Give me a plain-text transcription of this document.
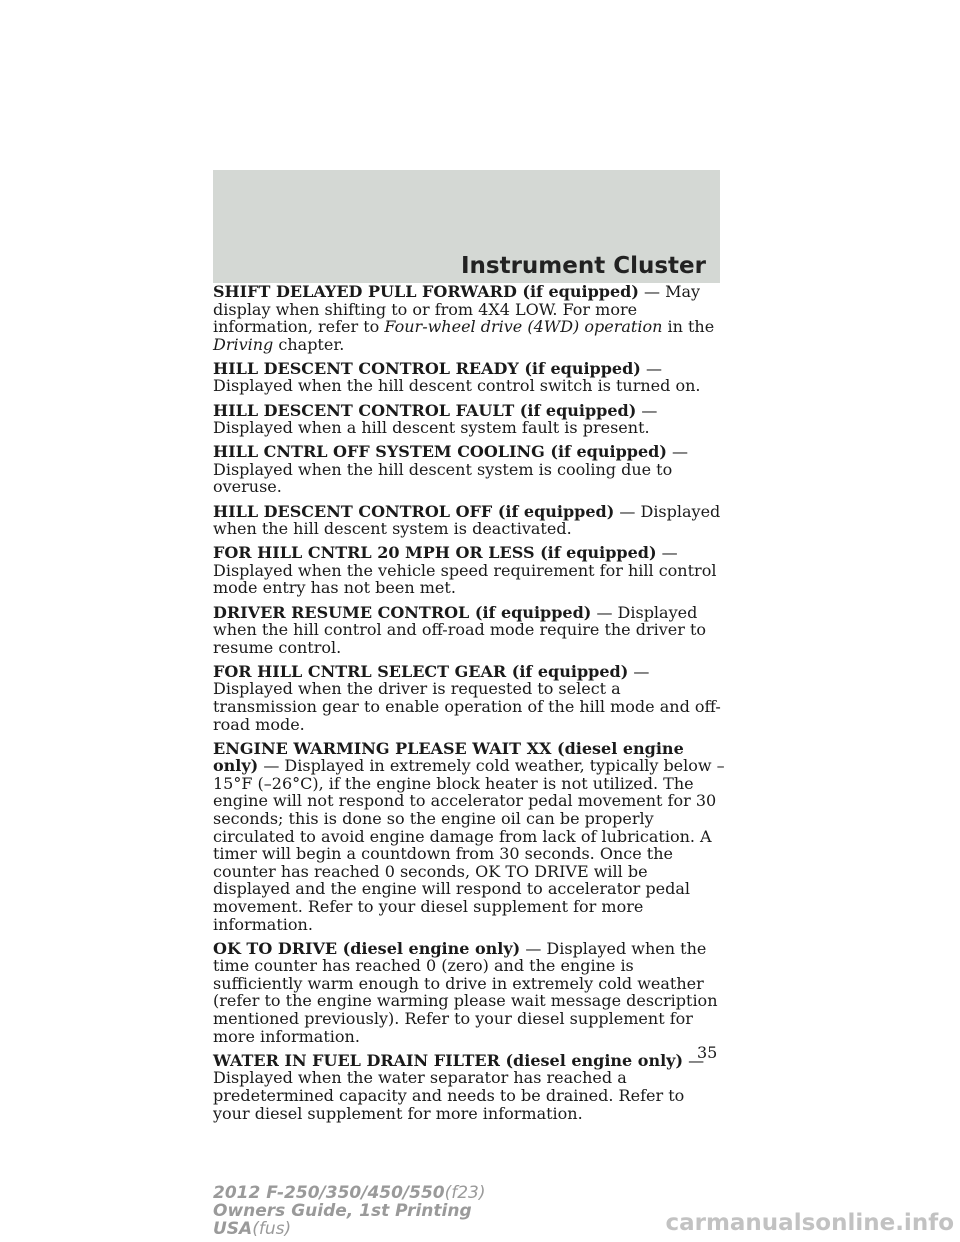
Instrument Cluster

SHIFT DELAYED PULL FORWARD (if equipped) — May display when shifting to or from 4X4 LOW. For more information, refer to Four-wheel drive (4WD) operation in the Driving chapter.

HILL DESCENT CONTROL READY (if equipped) — Displayed when the hill descent control switch is turned on.

HILL DESCENT CONTROL FAULT (if equipped) — Displayed when a hill descent system fault is present.

HILL CNTRL OFF SYSTEM COOLING (if equipped) — Displayed when the hill descent system is cooling due to overuse.

HILL DESCENT CONTROL OFF (if equipped) — Displayed when the hill descent system is deactivated.

FOR HILL CNTRL 20 MPH OR LESS (if equipped) — Displayed when the vehicle speed requirement for hill control mode entry has not been met.

DRIVER RESUME CONTROL (if equipped) — Displayed when the hill control and off-road mode require the driver to resume control.

FOR HILL CNTRL SELECT GEAR (if equipped) — Displayed when the driver is requested to select a transmission gear to enable operation of the hill mode and off-road mode.

ENGINE WARMING PLEASE WAIT XX (diesel engine only) — Displayed in extremely cold weather, typically below –15°F (–26°C), if the engine block heater is not utilized. The engine will not respond to accelerator pedal movement for 30 seconds; this is done so the engine oil can be properly circulated to avoid engine damage from lack of lubrication. A timer will begin a countdown from 30 seconds. Once the counter has reached 0 seconds, OK TO DRIVE will be displayed and the engine will respond to accelerator pedal movement. Refer to your diesel supplement for more information.

OK TO DRIVE (diesel engine only) — Displayed when the time counter has reached 0 (zero) and the engine is sufficiently warm enough to drive in extremely cold weather (refer to the engine warming please wait message description mentioned previously). Refer to your diesel supplement for more information.

WATER IN FUEL DRAIN FILTER (diesel engine only) — Displayed when the water separator has reached a predetermined capacity and needs to be drained. Refer to your diesel supplement for more information.

35
2012 F-250/350/450/550(f23)
Owners Guide, 1st Printing
USA(fus)	carmanualsonline.info
